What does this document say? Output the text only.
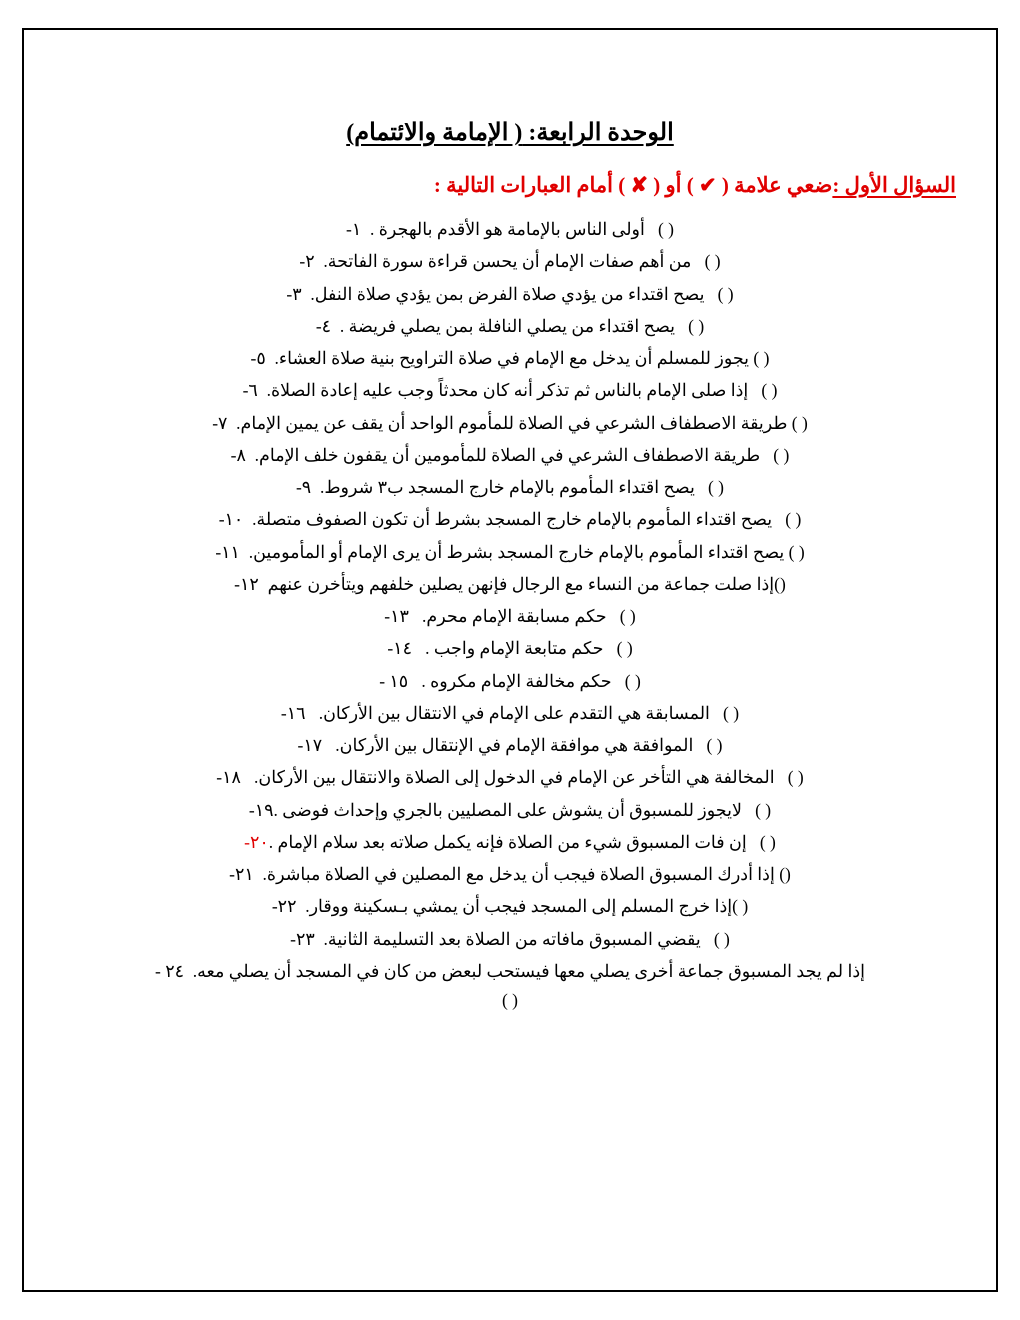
الوحدة الرابعة: ( الإمامة والائتمام)
السؤال الأول :ضعي علامة ( ✔ ) أو ( ✘ ) أمام العبارات التالية :
( )   أولى الناس بالإمامة هو الأقدم بالهجرة .  ١-
( )   من أهم صفات الإمام أن يحسن قراءة سورة الفاتحة.  ٢-
( )   يصح اقتداء من يؤدي صلاة الفرض بمن يؤدي صلاة النفل.  ٣-
( )   يصح اقتداء من يصلي النافلة بمن يصلي فريضة .  ٤-
( ) يجوز للمسلم أن يدخل مع الإمام في صلاة التراويح بنية صلاة العشاء.  ٥-
( )   إذا صلى الإمام بالناس ثم تذكر أنه كان محدثاً وجب عليه إعادة الصلاة.  ٦-
( ) طريقة الاصطفاف الشرعي في الصلاة للمأموم الواحد أن يقف عن يمين الإمام.  ٧-
( )   طريقة الاصطفاف الشرعي في الصلاة للمأمومين أن يقفون خلف الإمام.  ٨-
( )   يصح اقتداء المأموم بالإمام خارج المسجد ب٣ شروط.  ٩-
( )   يصح اقتداء المأموم بالإمام خارج المسجد بشرط أن تكون الصفوف متصلة.  ١٠-
( ) يصح اقتداء المأموم بالإمام خارج المسجد بشرط أن يرى الإمام أو المأمومين.  ١١-
()إذا صلت جماعة من النساء مع الرجال فإنهن يصلين خلفهم ويتأخرن عنهم  ١٢-
( )   حكم مسابقة الإمام محرم.   ١٣-
( )   حكم متابعة الإمام واجب .   ١٤-
( )   حكم مخالفة الإمام مكروه .   ١٥ -
( )   المسابقة هي التقدم على الإمام في الانتقال بين الأركان.   ١٦-
( )   الموافقة هي موافقة الإمام في الإنتقال بين الأركان.   ١٧-
( )   المخالفة هي التأخر عن الإمام في الدخول إلى الصلاة والانتقال بين الأركان.   ١٨-
( )   لايجوز للمسبوق أن يشوش على المصليين بالجري وإحداث فوضى .١٩-
( )   إن فات المسبوق شيء من الصلاة فإنه يكمل صلاته بعد سلام الإمام .٢٠-
() إذا أدرك المسبوق الصلاة فيجب أن يدخل مع المصلين في الصلاة مباشرة.  ٢١-
( )إذا خرج المسلم إلى المسجد فيجب أن يمشي بـسكينة ووقار.  ٢٢-
( )   يقضي المسبوق مافاته من الصلاة بعد التسليمة الثانية.  ٢٣-
إذا لم يجد المسبوق جماعة أخرى يصلي معها فيستحب لبعض من كان في المسجد أن يصلي معه.  ٢٤ -
( )
